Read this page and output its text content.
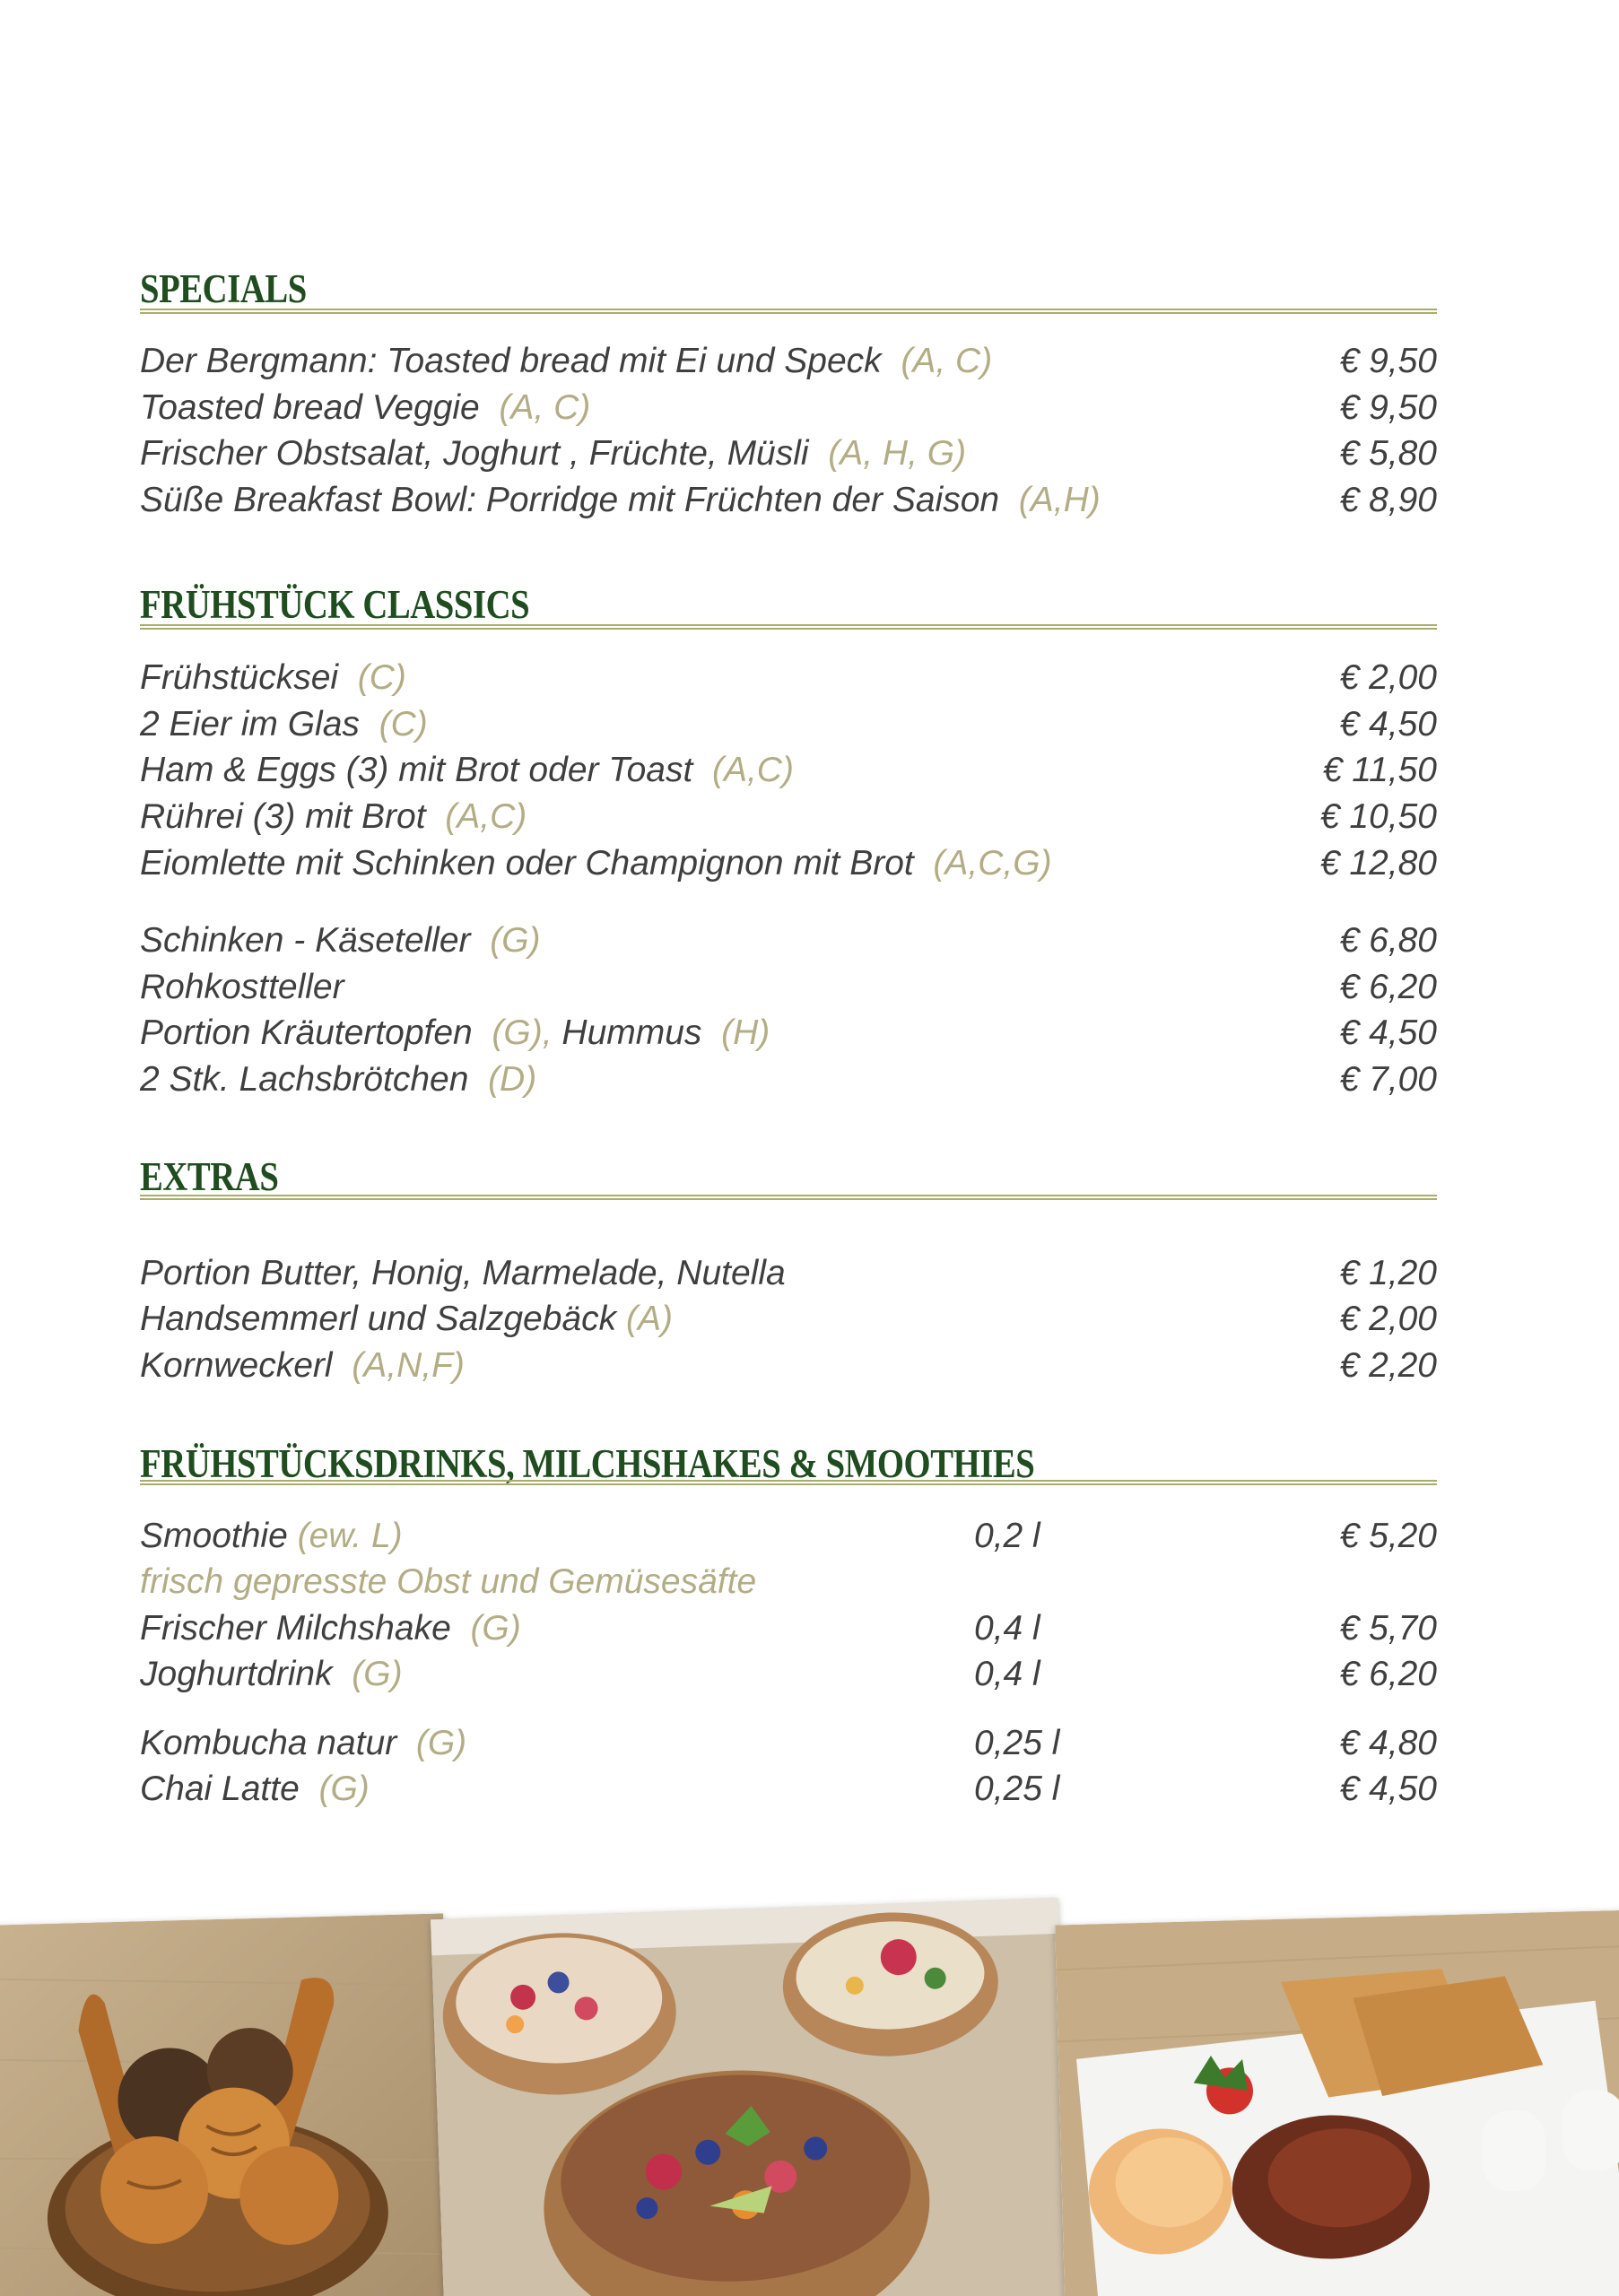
SPECIALS
Der Bergmann: Toasted bread mit Ei und Speck (A, C)	€ 9,50
Toasted bread Veggie (A, C)	€ 9,50
Frischer Obstsalat, Joghurt , Früchte, Müsli (A, H, G)	€ 5,80
Süße Breakfast Bowl: Porridge mit Früchten der Saison (A,H)	€ 8,90
FRÜHSTÜCK CLASSICS
Frühstücksei (C)	€ 2,00
2 Eier im Glas (C)	€ 4,50
Ham & Eggs (3) mit Brot oder Toast (A,C)	€ 11,50
Rührei (3) mit Brot (A,C)	€ 10,50
Eiomlette mit Schinken oder Champignon mit Brot (A,C,G)	€ 12,80
Schinken - Käseteller (G)	€ 6,80
Rohkostteller	€ 6,20
Portion Kräutertopfen (G), Hummus (H)	€ 4,50
2 Stk. Lachsbrötchen (D)	€ 7,00
EXTRAS
Portion Butter, Honig, Marmelade, Nutella	€ 1,20
Handsemmerl und Salzgebäck (A)	€ 2,00
Kornweckerl (A,N,F)	€ 2,20
FRÜHSTÜCKSDRINKS, MILCHSHAKES & SMOOTHIES
Smoothie (ew. L)	0,2 l	€ 5,20
frisch gepresste Obst und Gemüsesäfte
Frischer Milchshake (G)	0,4 l	€ 5,70
Joghurtdrink (G)	0,4 l	€ 6,20
Kombucha natur (G)	0,25 l	€ 4,80
Chai Latte (G)	0,25 l	€ 4,50
